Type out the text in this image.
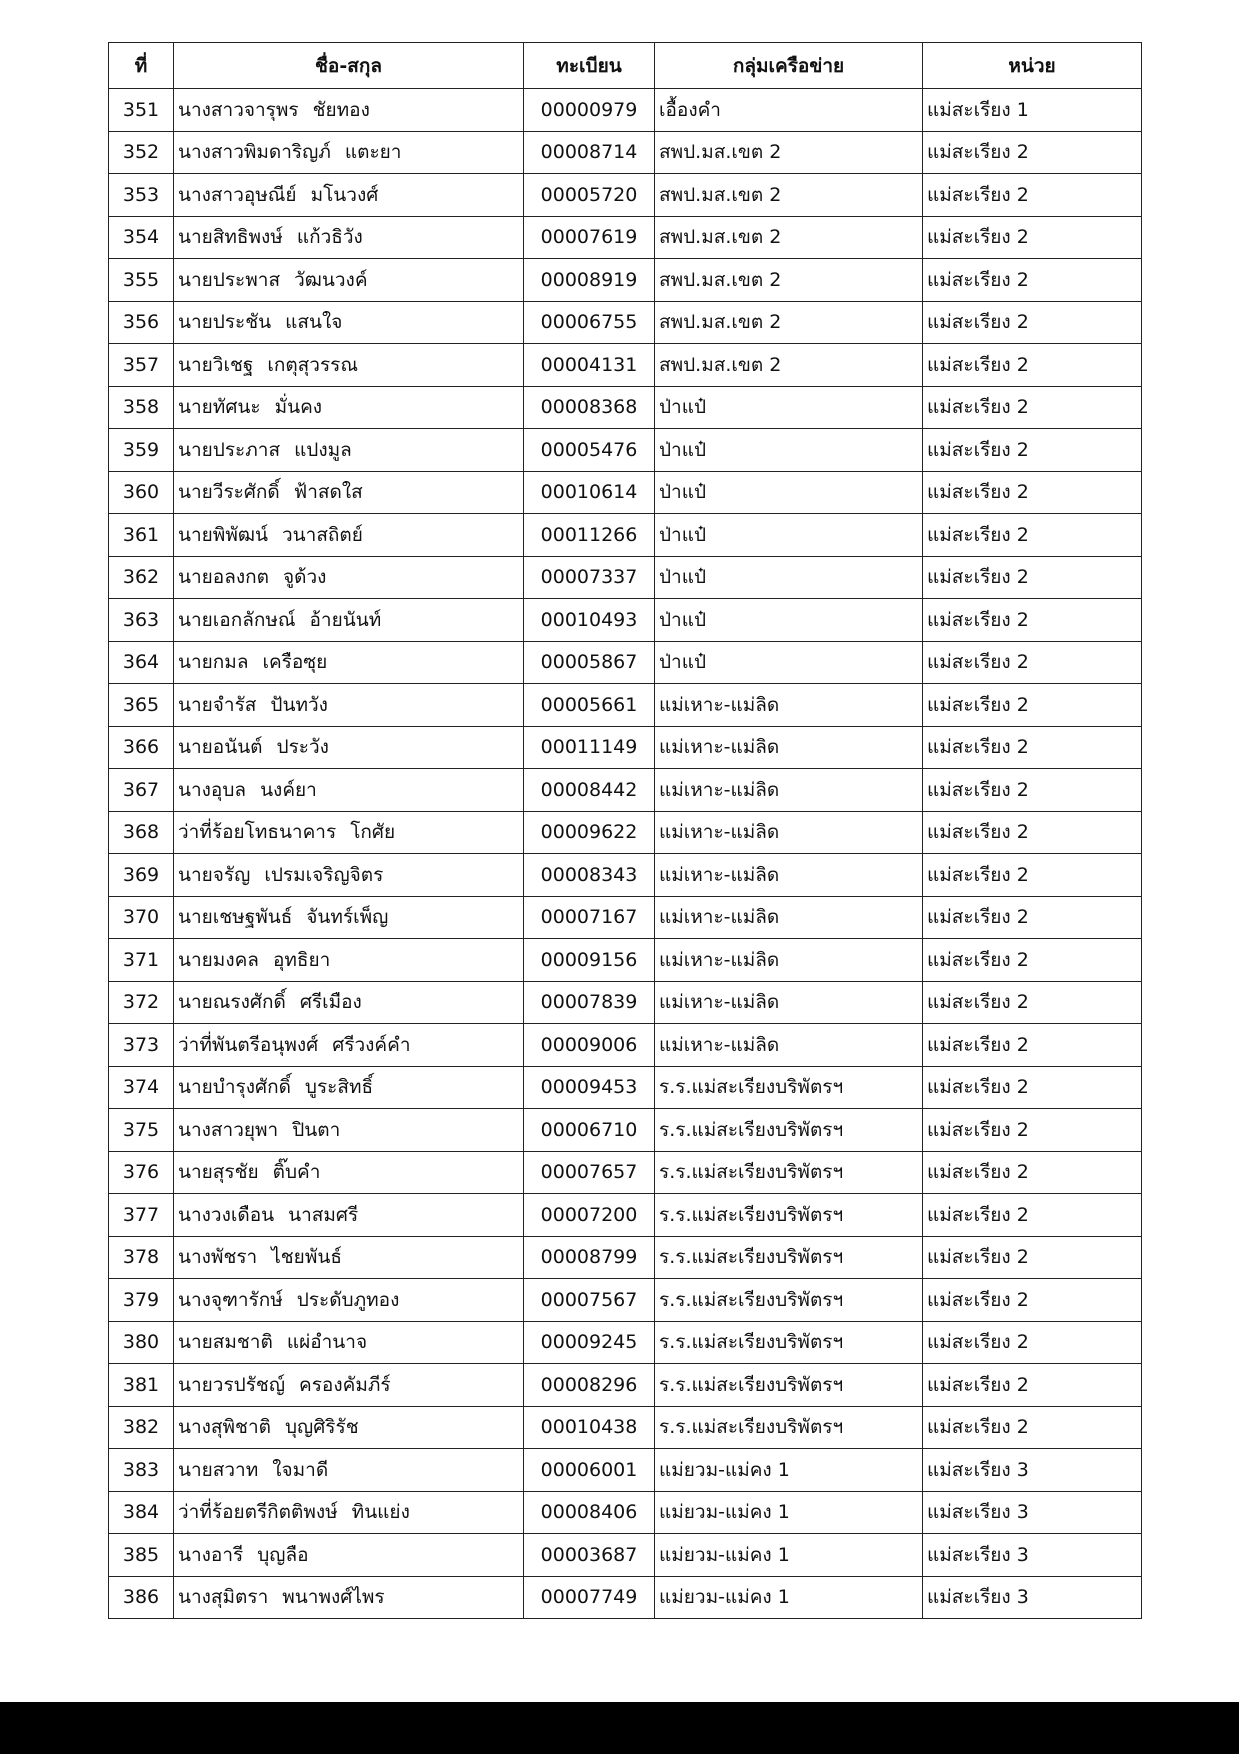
ที่	ชื่อ-สกุล	ทะเบียน	กลุ่มเครือข่าย	หน่วย
351	นางสาวจารุพร ชัยทอง	00000979	เอื้องคำ	แม่สะเรียง 1
352	นางสาวพิมดาริญภ์ แตะยา	00008714	สพป.มส.เขต 2	แม่สะเรียง 2
353	นางสาวอุษณีย์ มโนวงศ์	00005720	สพป.มส.เขต 2	แม่สะเรียง 2
354	นายสิทธิพงษ์ แก้วธิวัง	00007619	สพป.มส.เขต 2	แม่สะเรียง 2
355	นายประพาส วัฒนวงค์	00008919	สพป.มส.เขต 2	แม่สะเรียง 2
356	นายประชัน แสนใจ	00006755	สพป.มส.เขต 2	แม่สะเรียง 2
357	นายวิเชฐ เกตุสุวรรณ	00004131	สพป.มส.เขต 2	แม่สะเรียง 2
358	นายทัศนะ มั่นคง	00008368	ป่าแป๋	แม่สะเรียง 2
359	นายประภาส แปงมูล	00005476	ป่าแป๋	แม่สะเรียง 2
360	นายวีระศักดิ์ ฟ้าสดใส	00010614	ป่าแป๋	แม่สะเรียง 2
361	นายพิพัฒน์ วนาสถิตย์	00011266	ป่าแป๋	แม่สะเรียง 2
362	นายอลงกต จูด้วง	00007337	ป่าแป๋	แม่สะเรียง 2
363	นายเอกลักษณ์ อ้ายนันท์	00010493	ป่าแป๋	แม่สะเรียง 2
364	นายกมล เครือซุย	00005867	ป่าแป๋	แม่สะเรียง 2
365	นายจำรัส ปันทวัง	00005661	แม่เหาะ-แม่ลิด	แม่สะเรียง 2
366	นายอนันต์ ประวัง	00011149	แม่เหาะ-แม่ลิด	แม่สะเรียง 2
367	นางอุบล นงค์ยา	00008442	แม่เหาะ-แม่ลิด	แม่สะเรียง 2
368	ว่าที่ร้อยโทธนาคาร โกศัย	00009622	แม่เหาะ-แม่ลิด	แม่สะเรียง 2
369	นายจรัญ เปรมเจริญจิตร	00008343	แม่เหาะ-แม่ลิด	แม่สะเรียง 2
370	นายเชษฐพันธ์ จันทร์เพ็ญ	00007167	แม่เหาะ-แม่ลิด	แม่สะเรียง 2
371	นายมงคล อุทธิยา	00009156	แม่เหาะ-แม่ลิด	แม่สะเรียง 2
372	นายณรงศักดิ์ ศรีเมือง	00007839	แม่เหาะ-แม่ลิด	แม่สะเรียง 2
373	ว่าที่พันตรีอนุพงศ์ ศรีวงค์คำ	00009006	แม่เหาะ-แม่ลิด	แม่สะเรียง 2
374	นายบำรุงศักดิ์ บูระสิทธิ์	00009453	ร.ร.แม่สะเรียงบริพัตรฯ	แม่สะเรียง 2
375	นางสาวยุพา ปินตา	00006710	ร.ร.แม่สะเรียงบริพัตรฯ	แม่สะเรียง 2
376	นายสุรชัย ติ๊บคำ	00007657	ร.ร.แม่สะเรียงบริพัตรฯ	แม่สะเรียง 2
377	นางวงเดือน นาสมศรี	00007200	ร.ร.แม่สะเรียงบริพัตรฯ	แม่สะเรียง 2
378	นางพัชรา ไชยพันธ์	00008799	ร.ร.แม่สะเรียงบริพัตรฯ	แม่สะเรียง 2
379	นางจุฑารักษ์ ประดับภูทอง	00007567	ร.ร.แม่สะเรียงบริพัตรฯ	แม่สะเรียง 2
380	นายสมชาติ แผ่อำนาจ	00009245	ร.ร.แม่สะเรียงบริพัตรฯ	แม่สะเรียง 2
381	นายวรปรัชญ์ ครองคัมภีร์	00008296	ร.ร.แม่สะเรียงบริพัตรฯ	แม่สะเรียง 2
382	นางสุพิชาติ บุญศิริรัช	00010438	ร.ร.แม่สะเรียงบริพัตรฯ	แม่สะเรียง 2
383	นายสวาท ใจมาดี	00006001	แม่ยวม-แม่คง 1	แม่สะเรียง 3
384	ว่าที่ร้อยตรีกิตติพงษ์ ทินแย่ง	00008406	แม่ยวม-แม่คง 1	แม่สะเรียง 3
385	นางอารี บุญลือ	00003687	แม่ยวม-แม่คง 1	แม่สะเรียง 3
386	นางสุมิตรา พนาพงศ์ไพร	00007749	แม่ยวม-แม่คง 1	แม่สะเรียง 3
